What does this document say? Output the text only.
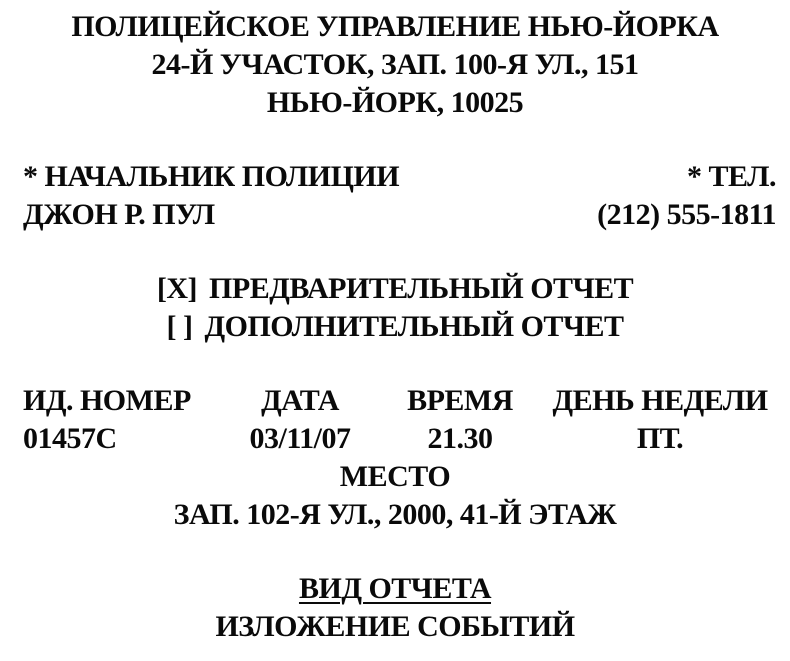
ПОЛИЦЕЙСКОЕ УПРАВЛЕНИЕ НЬЮ-ЙОРКА
24-Й УЧАСТОК, ЗАП. 100-Я УЛ., 151
НЬЮ-ЙОРК, 10025
* НАЧАЛЬНИК ПОЛИЦИИ	* ТЕЛ.
ДЖОН Р. ПУЛ	(212) 555-1811
[X] ПРЕДВАРИТЕЛЬНЫЙ ОТЧЕТ
[ ] ДОПОЛНИТЕЛЬНЫЙ ОТЧЕТ
ИД. НОМЕР	ДАТА	ВРЕМЯ	ДЕНЬ НЕДЕЛИ
01457C	03/11/07	21.30	ПТ.
МЕСТО
ЗАП. 102-Я УЛ., 2000, 41-Й ЭТАЖ
ВИД ОТЧЕТА
ИЗЛОЖЕНИЕ СОБЫТИЙ
